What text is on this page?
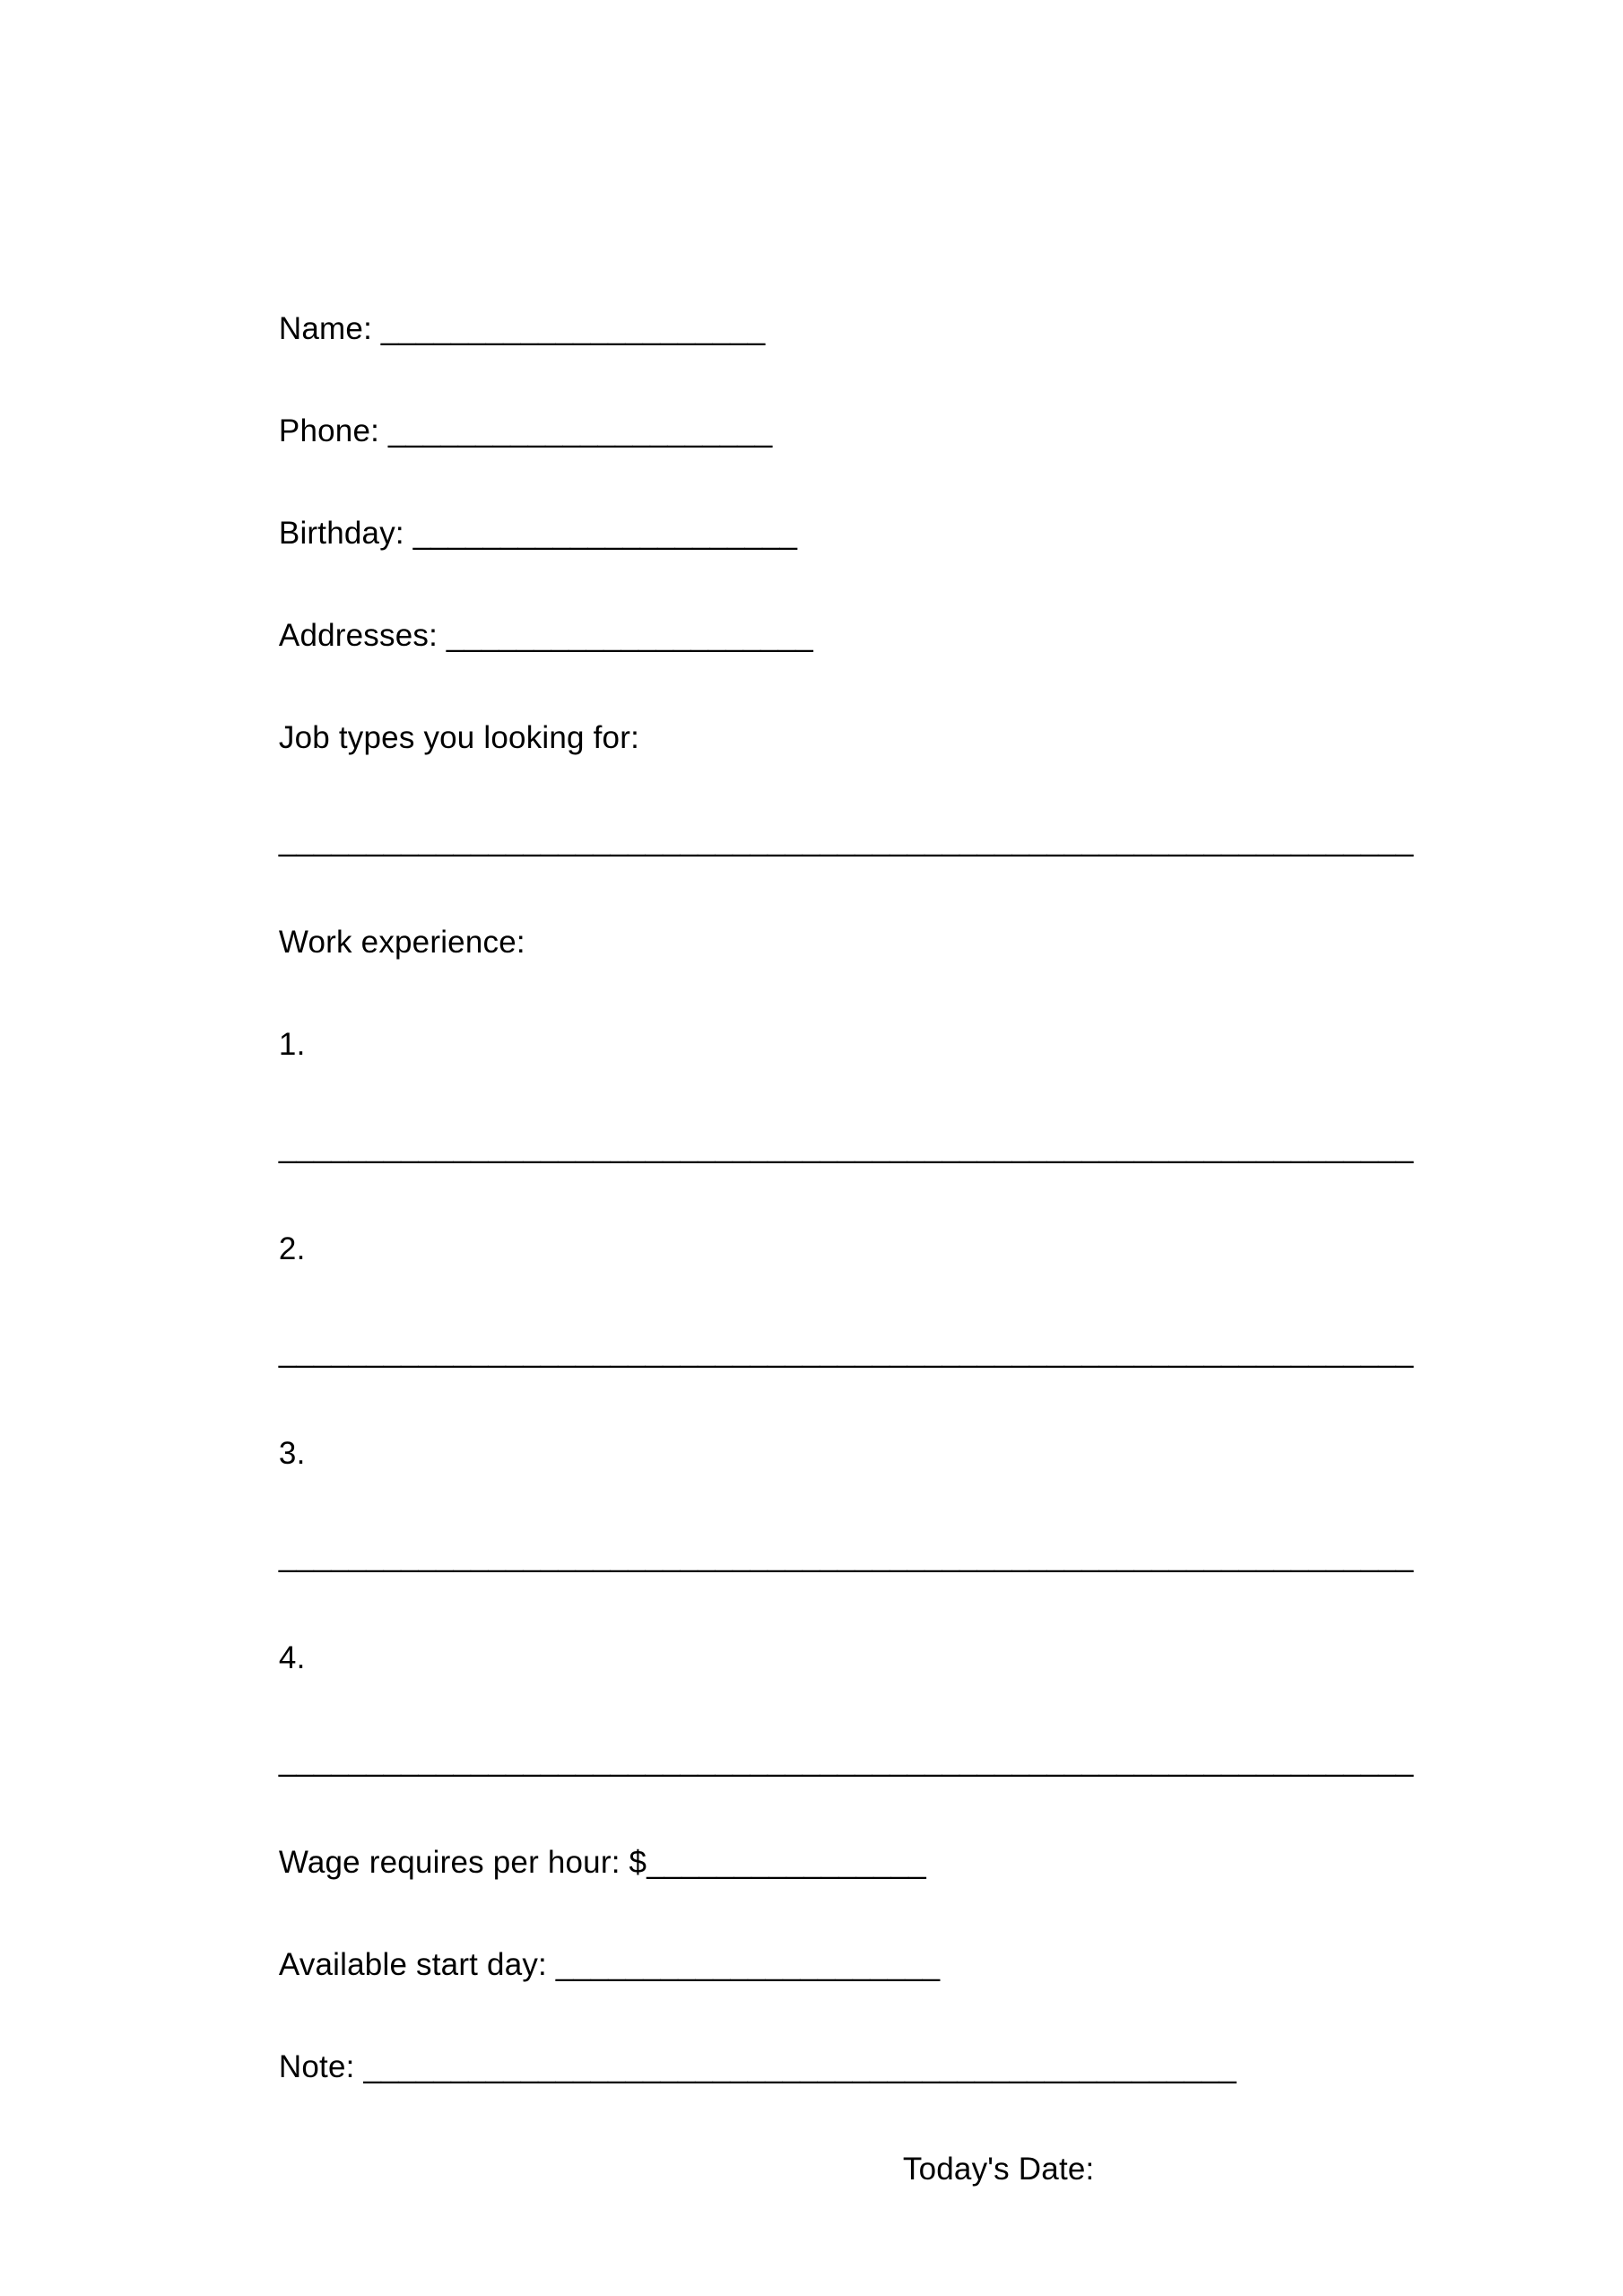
Name: ______________________

Phone: ______________________

Birthday: ______________________

Addresses: _____________________

Job types you looking for:

_________________________________________________________________

Work experience:

1.

_________________________________________________________________

2.

_________________________________________________________________

3.

_________________________________________________________________

4.

_________________________________________________________________

Wage requires per hour: $________________

Available start day: ______________________

Note: __________________________________________________

Today's Date:
